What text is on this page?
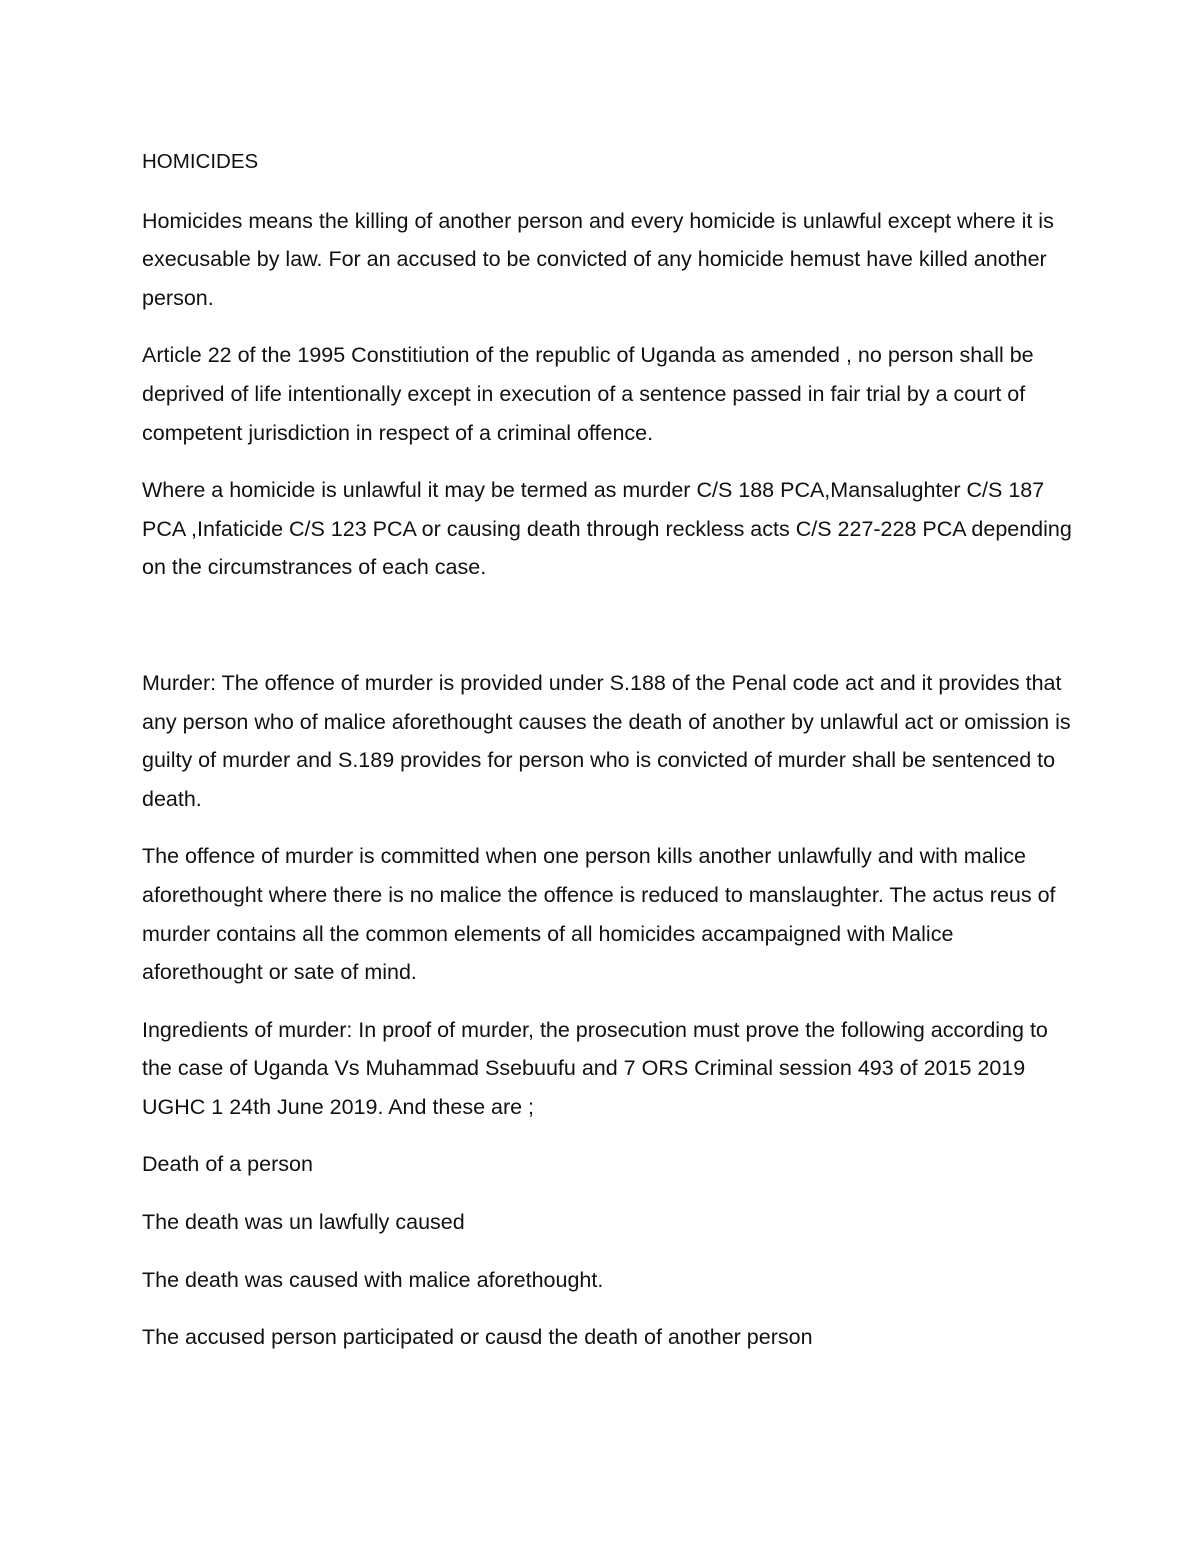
HOMICIDES

Homicides means the killing of another person and every homicide is unlawful except where it is execusable by law. For an accused to be convicted of any homicide hemust have killed another person.

Article 22 of the 1995 Constitiution of the republic of Uganda as amended , no person shall be deprived of life intentionally except in execution of a sentence passed in fair trial by a court of competent jurisdiction in respect of a criminal offence.

Where a homicide is unlawful it may be termed as murder C/S 188 PCA,Mansalughter C/S 187 PCA ,Infaticide C/S 123 PCA or causing death through reckless acts C/S 227-228 PCA depending on the circumstrances of each case.

Murder: The offence of murder is provided under S.188 of the Penal code act and it provides that any person who of malice aforethought causes the death of another by unlawful act or omission is guilty of murder and S.189 provides for person who is convicted of murder shall be sentenced to death.

The offence of murder is committed when one person kills another unlawfully and with malice aforethought where there is no malice the offence is reduced to manslaughter. The actus reus of murder contains all the common elements of all homicides accampaigned with Malice aforethought or sate of mind.

Ingredients of murder: In proof of murder, the prosecution must prove the following according to the case of Uganda Vs Muhammad Ssebuufu and 7 ORS Criminal session 493 of 2015 2019 UGHC 1 24th June 2019. And these are ;

Death of a person

The death was un lawfully caused

The death was caused with malice aforethought.

The accused person participated or causd the death of another person
